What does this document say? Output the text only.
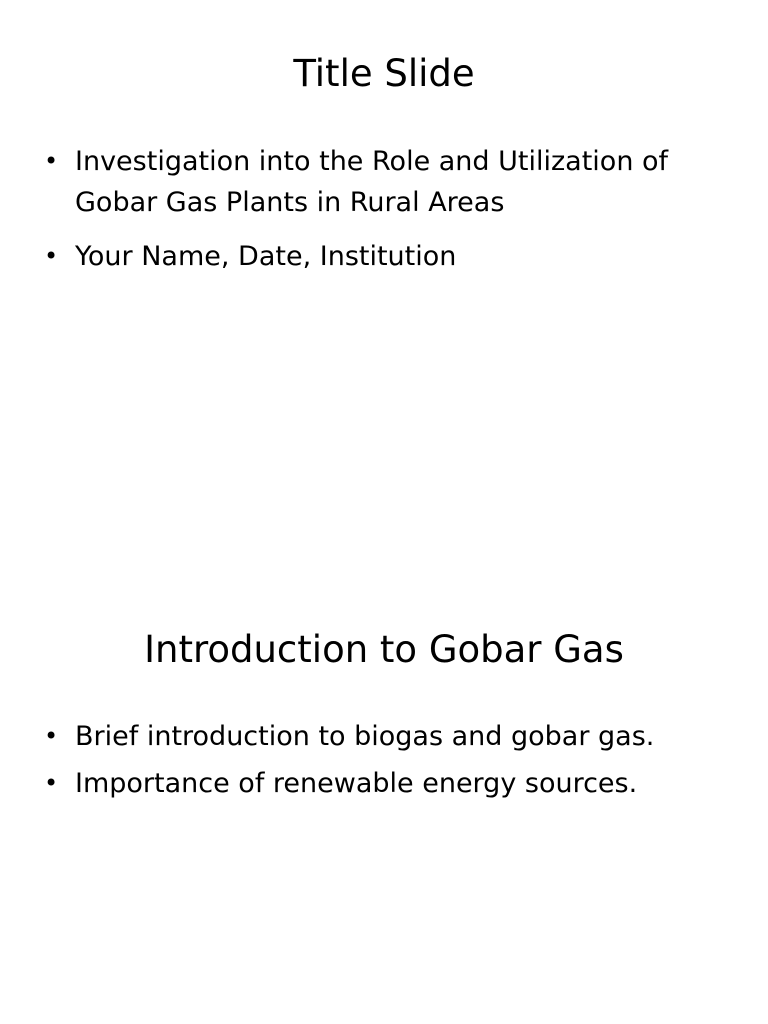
Title Slide
• Investigation into the Role and Utilization of Gobar Gas Plants in Rural Areas
• Your Name, Date, Institution
Introduction to Gobar Gas
• Brief introduction to biogas and gobar gas.
• Importance of renewable energy sources.
